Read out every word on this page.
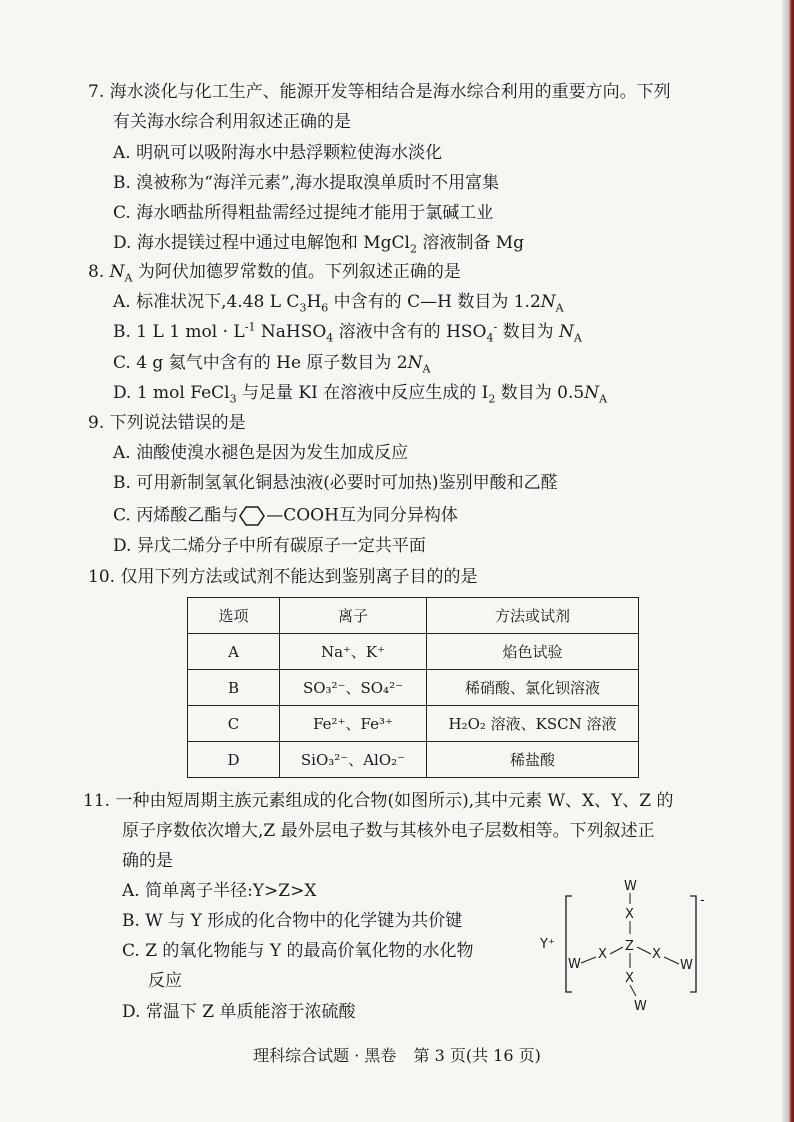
7. 海水淡化与化工生产、能源开发等相结合是海水综合利用的重要方向。下列
有关海水综合利用叙述正确的是
A. 明矾可以吸附海水中悬浮颗粒使海水淡化
B. 溴被称为“海洋元素”,海水提取溴单质时不用富集
C. 海水晒盐所得粗盐需经过提纯才能用于氯碱工业
D. 海水提镁过程中通过电解饱和 MgCl$_2$ 溶液制备 Mg
8. $N_A$ 为阿伏加德罗常数的值。下列叙述正确的是
A. 标准状况下,4.48 L $C_3H_6$ 中含有的 C—H 数目为 $1.2N_A$
B. 1 L 1 mol · $L^{-1}$ NaHSO$_4$ 溶液中含有的 $HSO_4^-$ 数目为 $N_A$
C. 4 g 氦气中含有的 He 原子数目为 $2N_A$
D. 1 mol FeCl$_3$ 与足量 KI 在溶液中反应生成的 $I_2$ 数目为 $0.5N_A$
9. 下列说法错误的是
A. 油酸使溴水褪色是因为发生加成反应
B. 可用新制氢氧化铜悬浊液(必要时可加热)鉴别甲酸和乙醛
C. 丙烯酸乙酯与 —COOH互为同分异构体
D. 异戊二烯分子中所有碳原子一定共平面
10. 仅用下列方法或试剂不能达到鉴别离子目的的是
选项	离子	方法或试剂
A	Na⁺、K⁺	焰色试验
B	SO₃²⁻、SO₄²⁻	稀硝酸、氯化钡溶液
C	Fe²⁺、Fe³⁺	H₂O₂ 溶液、KSCN 溶液
D	SiO₃²⁻、AlO₂⁻	稀盐酸
11. 一种由短周期主族元素组成的化合物(如图所示),其中元素 W、X、Y、Z 的
原子序数依次增大,Z 最外层电子数与其核外电子层数相等。下列叙述正
确的是
A. 简单离子半径:Y>Z>X
B. W 与 Y 形成的化合物中的化学键为共价键
C. Z 的氧化物能与 Y 的最高价氧化物的水化物
反应
D. 常温下 Z 单质能溶于浓硫酸
Y⁺
-
W
X
Z
X
W
X
W
X
W
理科综合试题 · 黑卷 第 3 页(共 16 页)
